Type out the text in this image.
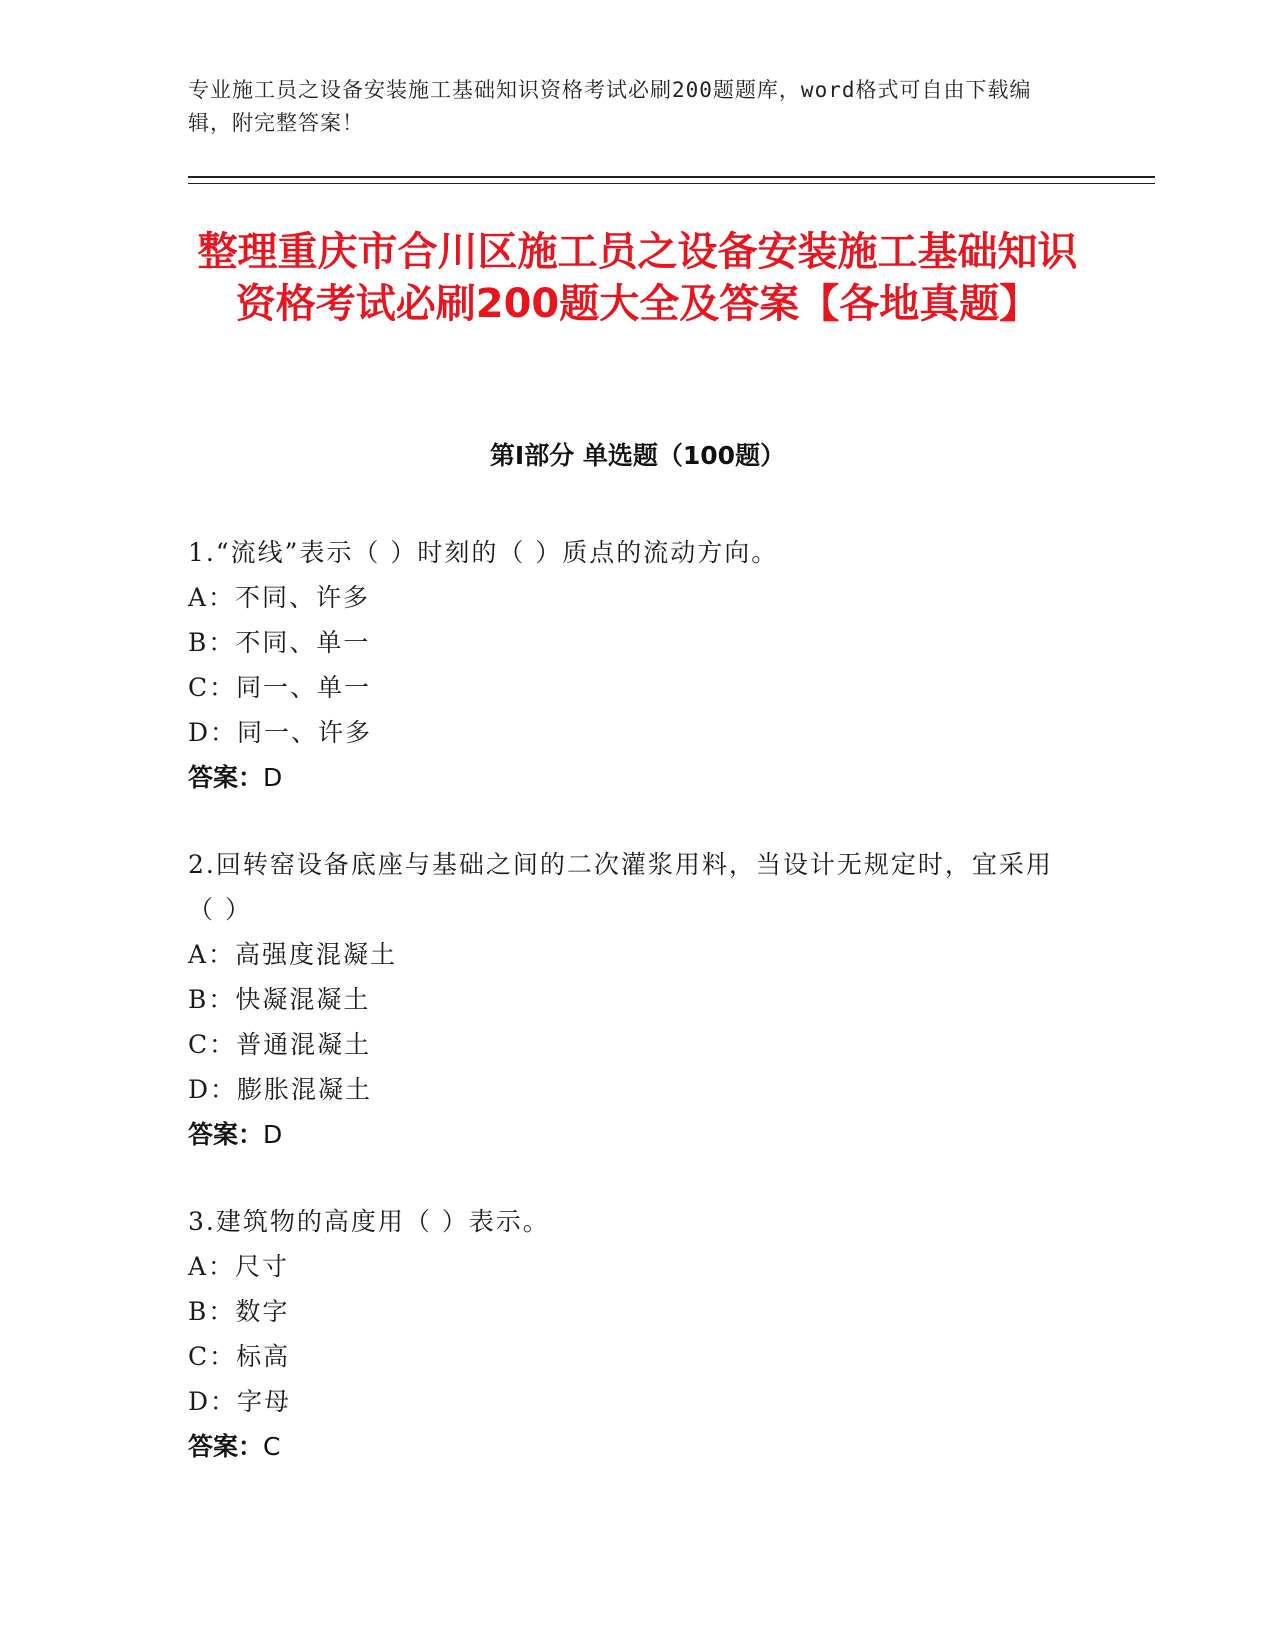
专业施工员之设备安装施工基础知识资格考试必刷200题题库，word格式可自由下载编辑，附完整答案！
整理重庆市合川区施工员之设备安装施工基础知识资格考试必刷200题大全及答案【各地真题】
第Ⅰ部分 单选题（100题）
1.“流线”表示（ ）时刻的（ ）质点的流动方向。
A：不同、许多
B：不同、单一
C：同一、单一
D：同一、许多
答案：D
2.回转窑设备底座与基础之间的二次灌浆用料，当设计无规定时，宜采用（ ）
A：高强度混凝土
B：快凝混凝土
C：普通混凝土
D：膨胀混凝土
答案：D
3.建筑物的高度用（ ）表示。
A：尺寸
B：数字
C：标高
D：字母
答案：C
